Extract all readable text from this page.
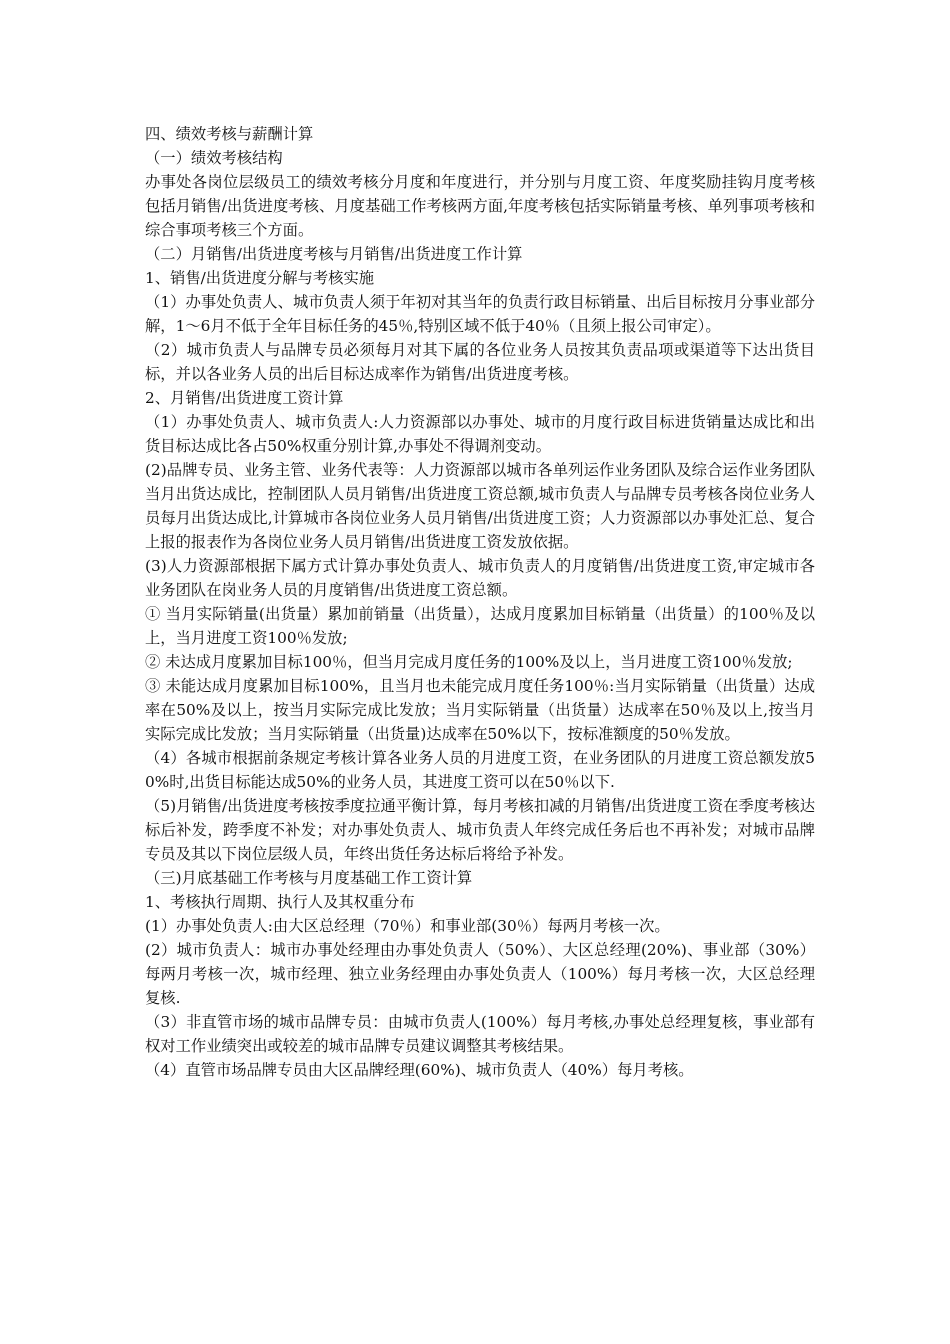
四、绩效考核与薪酬计算

（一）绩效考核结构

办事处各岗位层级员工的绩效考核分月度和年度进行，并分别与月度工资、年度奖励挂钩月度考核包括月销售/出货进度考核、月度基础工作考核两方面,年度考核包括实际销量考核、单列事项考核和综合事项考核三个方面。

（二）月销售/出货进度考核与月销售/出货进度工作计算

1、销售/出货进度分解与考核实施

（1）办事处负责人、城市负责人须于年初对其当年的负责行政目标销量、出后目标按月分事业部分解，1～6月不低于全年目标任务的45％,特别区域不低于40％（且须上报公司审定）。

（2）城市负责人与品牌专员必须每月对其下属的各位业务人员按其负责品项或渠道等下达出货目标，并以各业务人员的出后目标达成率作为销售/出货进度考核。

2、月销售/出货进度工资计算

（1）办事处负责人、城市负责人:人力资源部以办事处、城市的月度行政目标进货销量达成比和出货目标达成比各占50%权重分别计算,办事处不得调剂变动。

(2)品牌专员、业务主管、业务代表等：人力资源部以城市各单列运作业务团队及综合运作业务团队当月出货达成比，控制团队人员月销售/出货进度工资总额,城市负责人与品牌专员考核各岗位业务人员每月出货达成比,计算城市各岗位业务人员月销售/出货进度工资；人力资源部以办事处汇总、复合上报的报表作为各岗位业务人员月销售/出货进度工资发放依据。

(3)人力资源部根据下属方式计算办事处负责人、城市负责人的月度销售/出货进度工资,审定城市各业务团队在岗业务人员的月度销售/出货进度工资总额。

① 当月实际销量(出货量）累加前销量（出货量），达成月度累加目标销量（出货量）的100％及以上，当月进度工资100％发放;

② 未达成月度累加目标100％，但当月完成月度任务的100%及以上，当月进度工资100％发放;

③ 未能达成月度累加目标100%，且当月也未能完成月度任务100％:当月实际销量（出货量）达成率在50%及以上，按当月实际完成比发放；当月实际销量（出货量）达成率在50％及以上,按当月实际完成比发放；当月实际销量（出货量)达成率在50%以下，按标准额度的50％发放。

（4）各城市根据前条规定考核计算各业务人员的月进度工资，在业务团队的月进度工资总额发放50%时,出货目标能达成50%的业务人员，其进度工资可以在50％以下.

（5)月销售/出货进度考核按季度拉通平衡计算，每月考核扣减的月销售/出货进度工资在季度考核达标后补发，跨季度不补发；对办事处负责人、城市负责人年终完成任务后也不再补发；对城市品牌专员及其以下岗位层级人员，年终出货任务达标后将给予补发。

（三)月底基础工作考核与月度基础工作工资计算

1、考核执行周期、执行人及其权重分布

(1）办事处负责人:由大区总经理（70％）和事业部(30％）每两月考核一次。

(2）城市负责人：城市办事处经理由办事处负责人（50%）、大区总经理(20%)、事业部（30%）每两月考核一次，城市经理、独立业务经理由办事处负责人（100%）每月考核一次，大区总经理复核.

（3）非直管市场的城市品牌专员：由城市负责人(100%）每月考核,办事处总经理复核，事业部有权对工作业绩突出或较差的城市品牌专员建议调整其考核结果。

（4）直管市场品牌专员由大区品牌经理(60%)、城市负责人（40%）每月考核。
